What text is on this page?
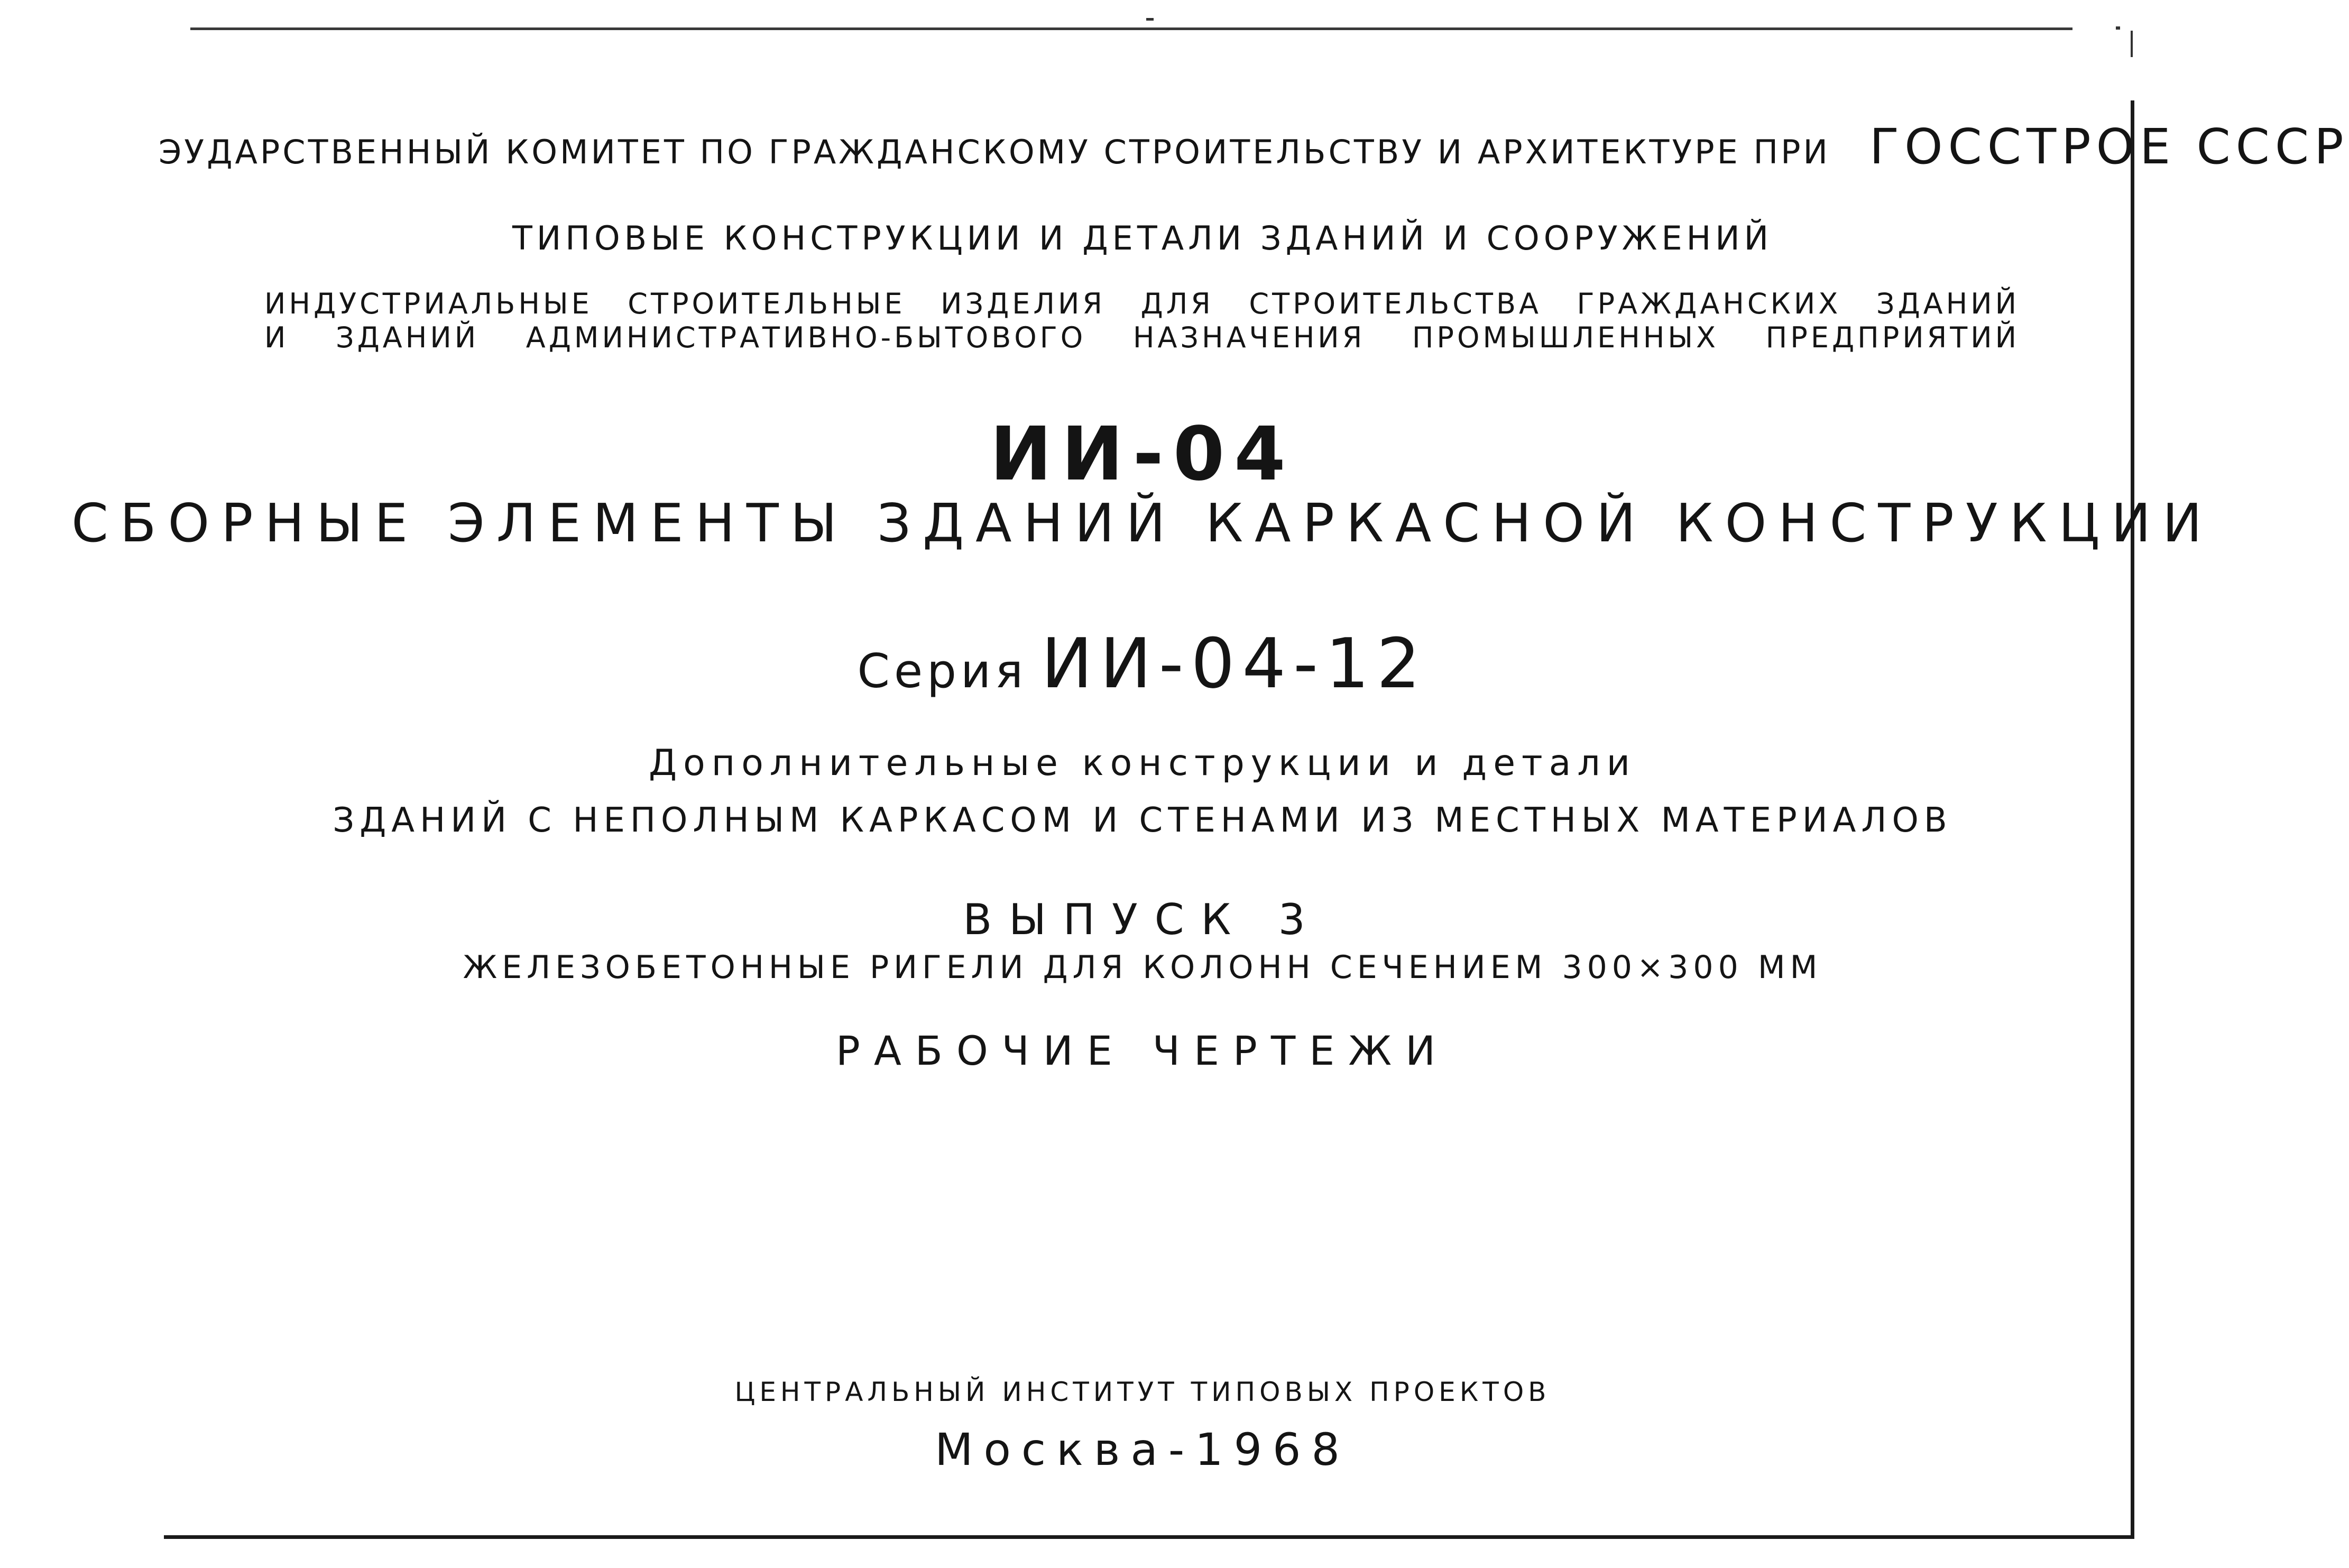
ЭУДАРСТВЕННЫЙ КОМИТЕТ ПО ГРАЖДАНСКОМУ СТРОИТЕЛЬСТВУ И АРХИТЕКТУРЕ ПРИ ГОССТРОЕ СССР
ТИПОВЫЕ КОНСТРУКЦИИ И ДЕТАЛИ ЗДАНИЙ И СООРУЖЕНИЙ
ИНДУСТРИАЛЬНЫЕ СТРОИТЕЛЬНЫЕ ИЗДЕЛИЯ ДЛЯ СТРОИТЕЛЬСТВА ГРАЖДАНСКИХ ЗДАНИЙ
И ЗДАНИЙ АДМИНИСТРАТИВНО-БЫТОВОГО НАЗНАЧЕНИЯ ПРОМЫШЛЕННЫХ ПРЕДПРИЯТИЙ
ИИ-04
СБОРНЫЕ ЭЛЕМЕНТЫ ЗДАНИЙ КАРКАСНОЙ КОНСТРУКЦИИ
Серия ИИ-04-12
Дополнительные конструкции и детали
ЗДАНИЙ С НЕПОЛНЫМ КАРКАСОМ И СТЕНАМИ ИЗ МЕСТНЫХ МАТЕРИАЛОВ
ВЫПУСК 3
ЖЕЛЕЗОБЕТОННЫЕ РИГЕЛИ ДЛЯ КОЛОНН СЕЧЕНИЕМ 300×300 ММ
РАБОЧИЕ ЧЕРТЕЖИ
ЦЕНТРАЛЬНЫЙ ИНСТИТУТ ТИПОВЫХ ПРОЕКТОВ
Москва-1968
